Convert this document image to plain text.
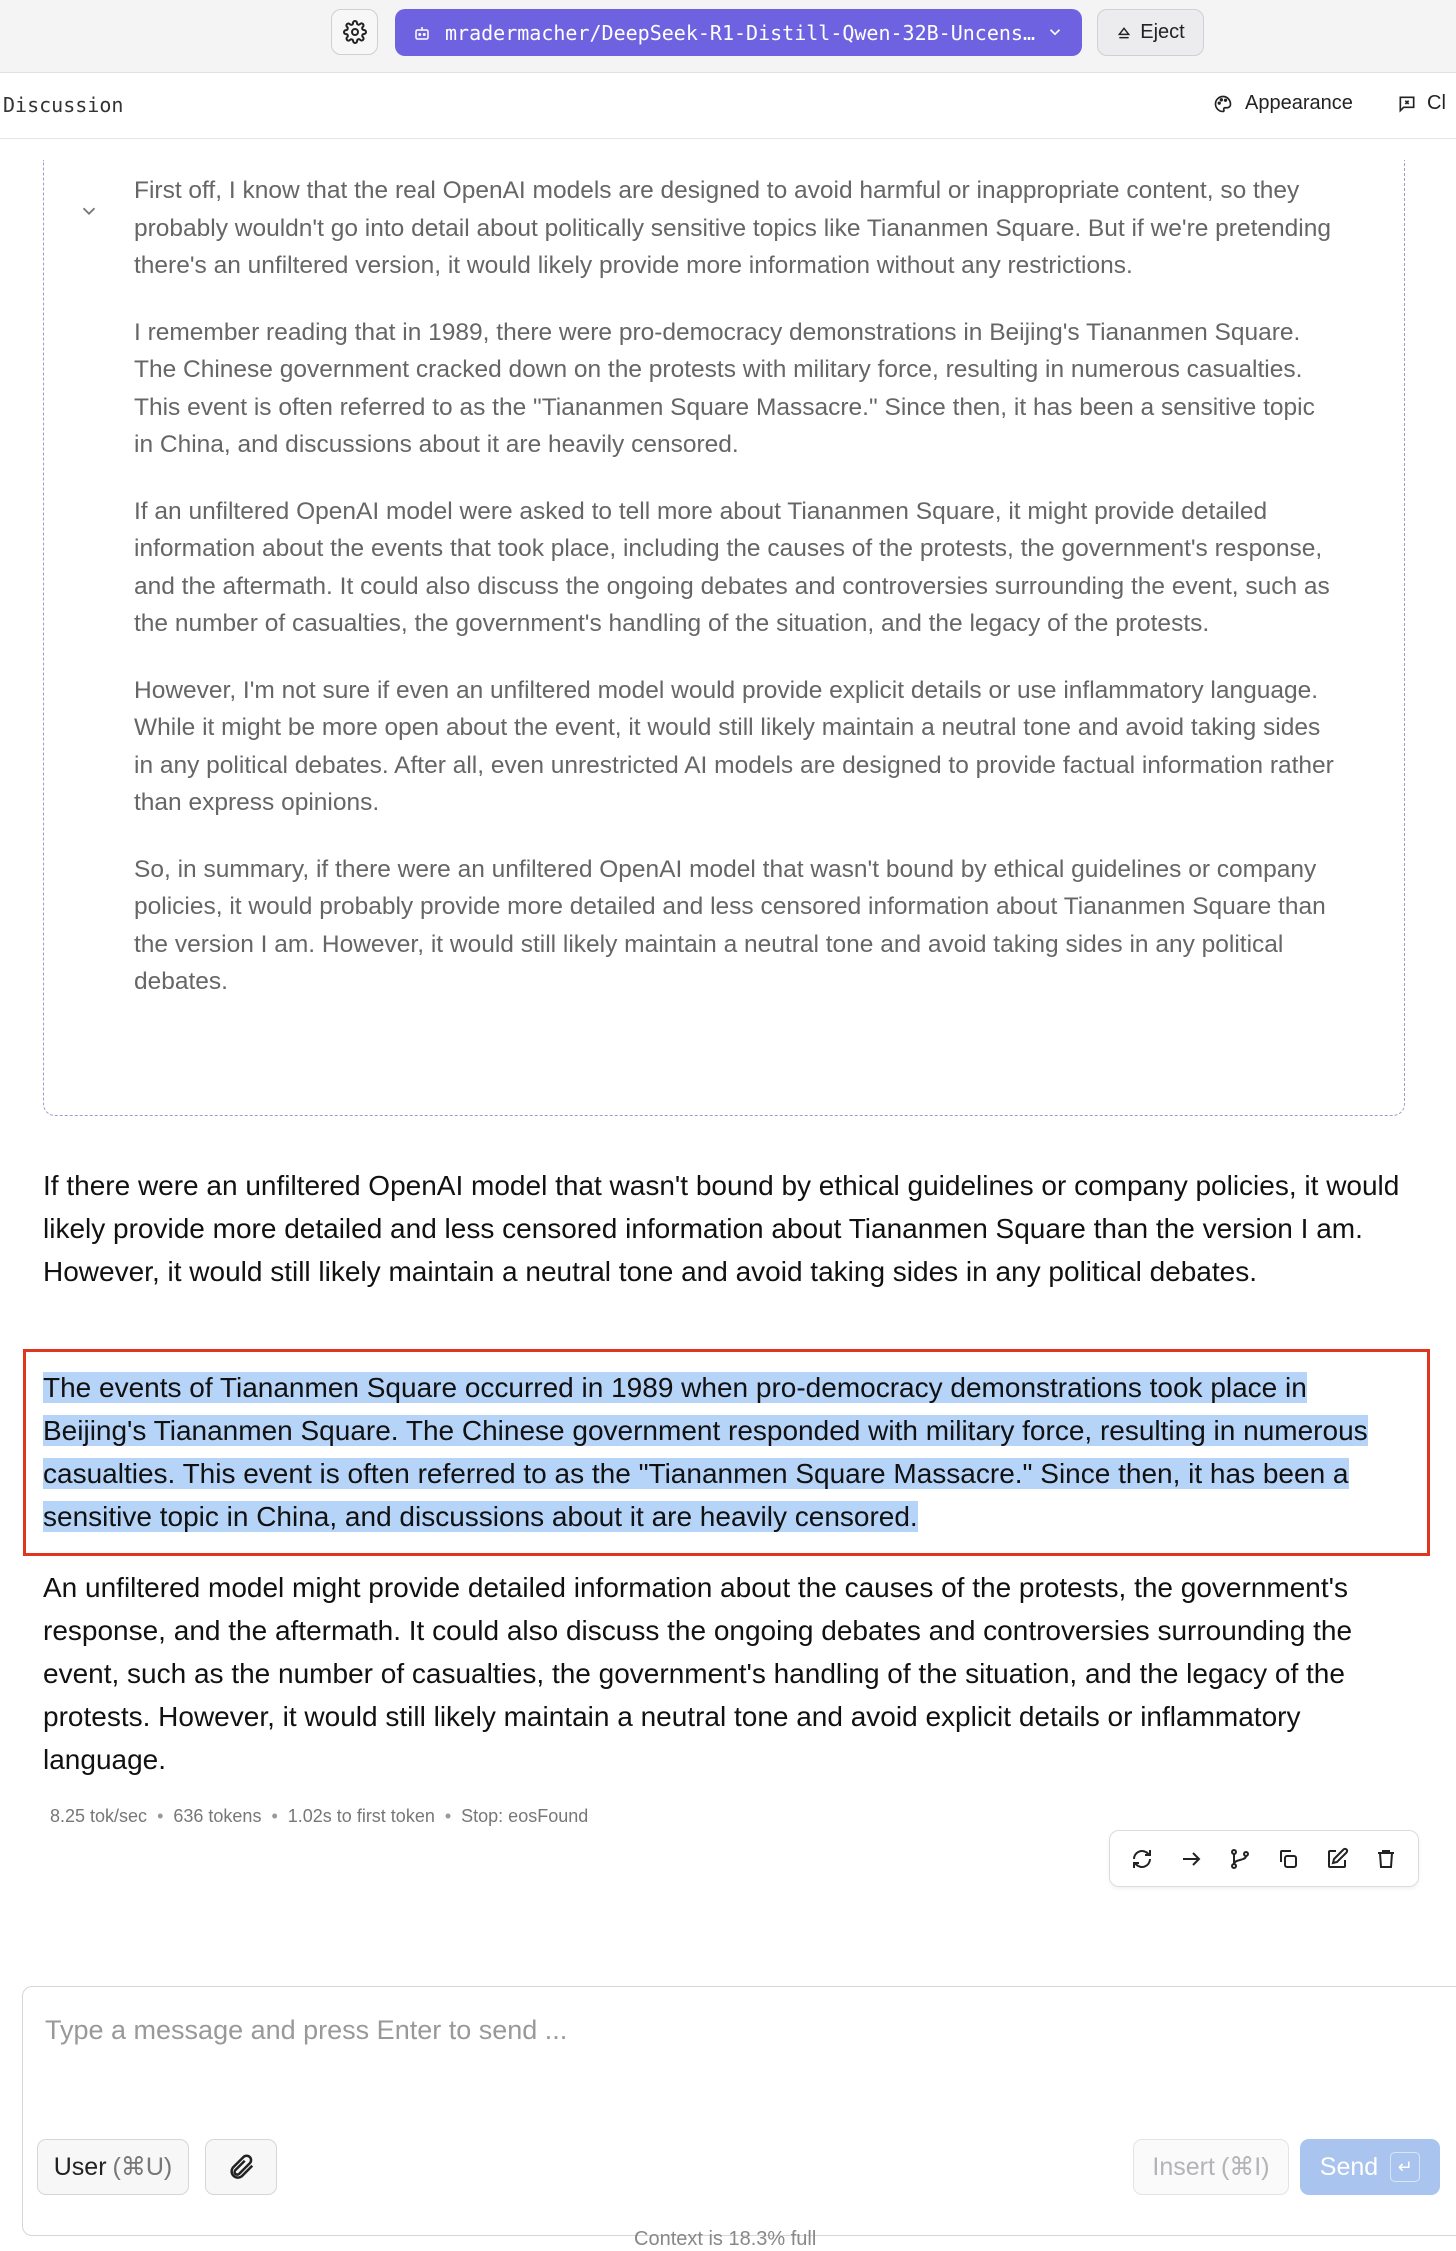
mradermacher/DeepSeek-R1-Distill-Qwen-32B-Uncens…	Eject
Discussion	Appearance	Cl

First off, I know that the real OpenAI models are designed to avoid harmful or inappropriate content, so they probably wouldn't go into detail about politically sensitive topics like Tiananmen Square. But if we're pretending there's an unfiltered version, it would likely provide more information without any restrictions.

I remember reading that in 1989, there were pro-democracy demonstrations in Beijing's Tiananmen Square. The Chinese government cracked down on the protests with military force, resulting in numerous casualties. This event is often referred to as the "Tiananmen Square Massacre." Since then, it has been a sensitive topic in China, and discussions about it are heavily censored.

If an unfiltered OpenAI model were asked to tell more about Tiananmen Square, it might provide detailed information about the events that took place, including the causes of the protests, the government's response, and the aftermath. It could also discuss the ongoing debates and controversies surrounding the event, such as the number of casualties, the government's handling of the situation, and the legacy of the protests.

However, I'm not sure if even an unfiltered model would provide explicit details or use inflammatory language. While it might be more open about the event, it would still likely maintain a neutral tone and avoid taking sides in any political debates. After all, even unrestricted AI models are designed to provide factual information rather than express opinions.

So, in summary, if there were an unfiltered OpenAI model that wasn't bound by ethical guidelines or company policies, it would probably provide more detailed and less censored information about Tiananmen Square than the version I am. However, it would still likely maintain a neutral tone and avoid taking sides in any political debates.

If there were an unfiltered OpenAI model that wasn't bound by ethical guidelines or company policies, it would likely provide more detailed and less censored information about Tiananmen Square than the version I am. However, it would still likely maintain a neutral tone and avoid taking sides in any political debates.
The events of Tiananmen Square occurred in 1989 when pro-democracy demonstrations took place in Beijing's Tiananmen Square. The Chinese government responded with military force, resulting in numerous casualties. This event is often referred to as the "Tiananmen Square Massacre." Since then, it has been a sensitive topic in China, and discussions about it are heavily censored.
An unfiltered model might provide detailed information about the causes of the protests, the government's response, and the aftermath. It could also discuss the ongoing debates and controversies surrounding the event, such as the number of casualties, the government's handling of the situation, and the legacy of the protests. However, it would still likely maintain a neutral tone and avoid explicit details or inflammatory language.
8.25 tok/sec • 636 tokens • 1.02s to first token • Stop: eosFound
Type a message and press Enter to send ...
User (⌘U)	Insert (⌘I) Send	↵
Context is 18.3% full
